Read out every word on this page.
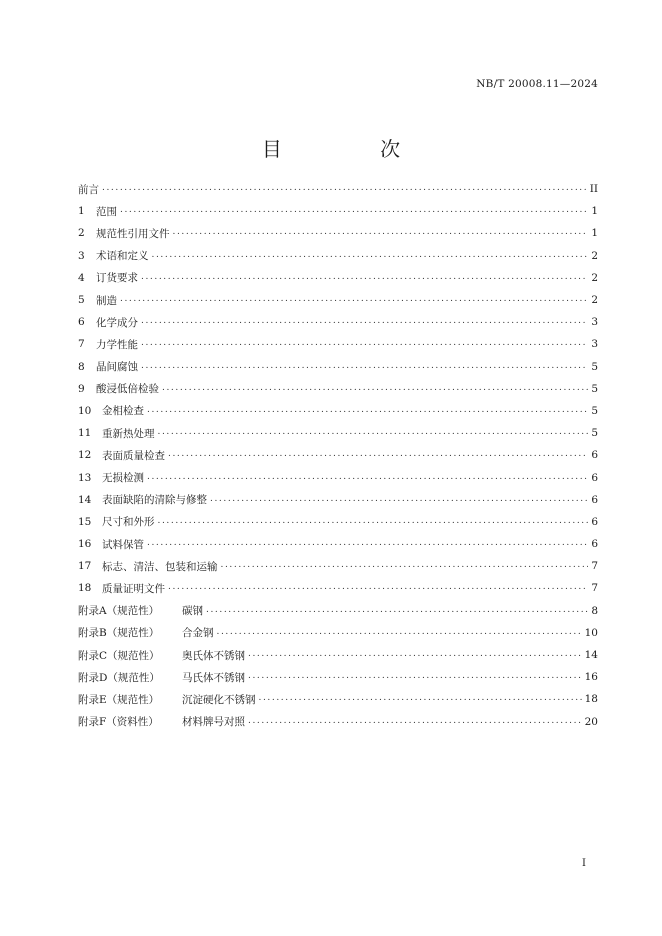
NB/T 20008.11—2024
目 次
前言 .....	II
1	范围 .....	1
2	规范性引用文件 .....	1
3	术语和定义 .....	2
4	订货要求 .....	2
5	制造 .....	2
6	化学成分 .....	3
7	力学性能 .....	3
8	晶间腐蚀 .....	5
9	酸浸低倍检验 .....	5
10	金相检查 .....	5
11	重新热处理 .....	5
12	表面质量检查 .....	6
13	无损检测 .....	6
14	表面缺陷的清除与修整 .....	6
15	尺寸和外形 .....	6
16	试料保管 .....	6
17	标志、清洁、包装和运输 .....	7
18	质量证明文件 .....	7
附录A（规范性）	碳钢 .....	8
附录B（规范性）	合金钢 .....	10
附录C（规范性）	奥氏体不锈钢 .....	14
附录D（规范性）	马氏体不锈钢 .....	16
附录E（规范性）	沉淀硬化不锈钢 .....	18
附录F（资料性）	材料牌号对照 .....	20
I
